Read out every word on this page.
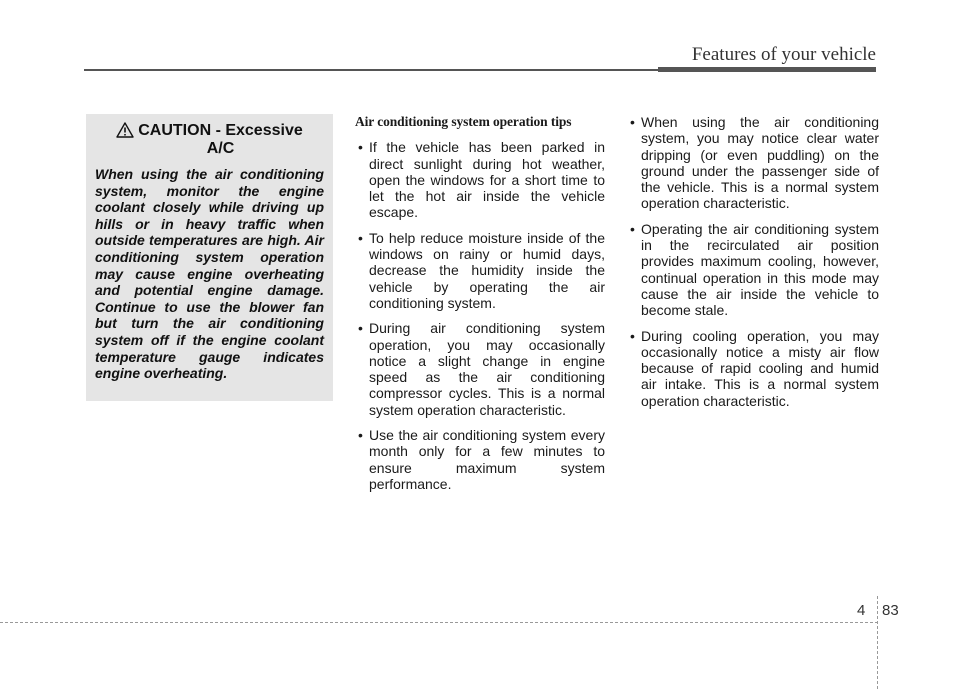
Features of your vehicle
CAUTION - Excessive
A/C

When using the air conditioning system, monitor the engine coolant closely while driving up hills or in heavy traffic when outside temperatures are high. Air conditioning system operation may cause engine overheating and potential engine damage. Continue to use the blower fan but turn the air conditioning system off if the engine coolant temperature gauge indicates engine overheating.

Air conditioning system operation tips
• If the vehicle has been parked in direct sunlight during hot weather, open the windows for a short time to let the hot air inside the vehicle escape.
• To help reduce moisture inside of the windows on rainy or humid days, decrease the humidity inside the vehicle by operating the air conditioning system.
• During air conditioning system operation, you may occasionally notice a slight change in engine speed as the air conditioning compressor cycles. This is a normal system operation characteristic.
• Use the air conditioning system every month only for a few minutes to ensure maximum system performance.
• When using the air conditioning system, you may notice clear water dripping (or even puddling) on the ground under the passenger side of the vehicle. This is a normal system operation characteristic.
• Operating the air conditioning system in the recirculated air position provides maximum cooling, however, continual operation in this mode may cause the air inside the vehicle to become stale.
• During cooling operation, you may occasionally notice a misty air flow because of rapid cooling and humid air intake. This is a normal system operation characteristic.
4 83
